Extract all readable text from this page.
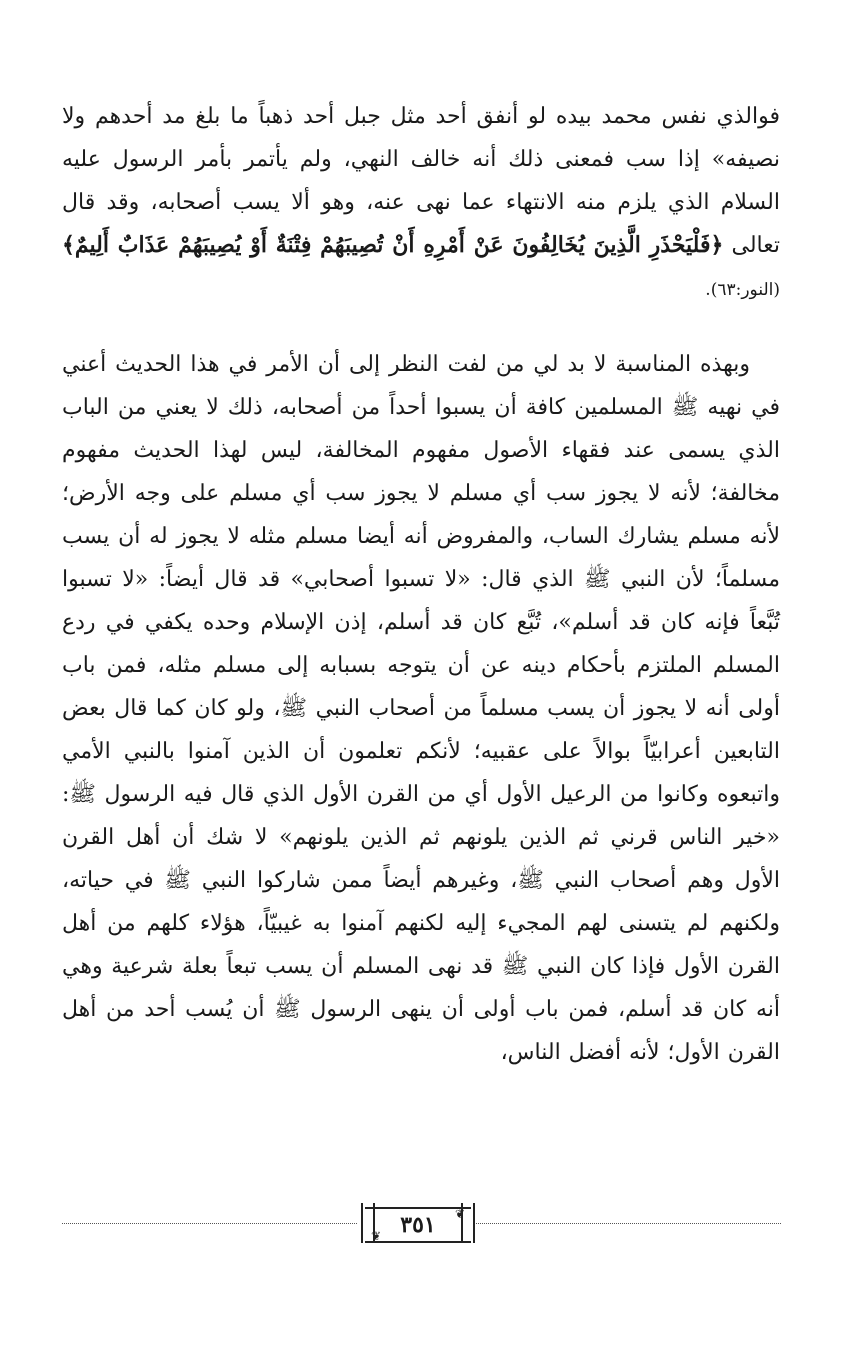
فوالذي نفس محمد بيده لو أنفق أحد مثل جبل أحد ذهباً ما بلغ مد أحدهم ولا نصيفه» إذا سب فمعنى ذلك أنه خالف النهي، ولم يأتمر بأمر الرسول عليه السلام الذي يلزم منه الانتهاء عما نهى عنه، وهو ألا يسب أصحابه، وقد قال تعالى ﴿فَلْيَحْذَرِ الَّذِينَ يُخَالِفُونَ عَنْ أَمْرِهِ أَنْ تُصِيبَهُمْ فِتْنَةٌ أَوْ يُصِيبَهُمْ عَذَابٌ أَلِيمٌ﴾ (النور:٦٣).

وبهذه المناسبة لا بد لي من لفت النظر إلى أن الأمر في هذا الحديث أعني في نهيه ﷺ المسلمين كافة أن يسبوا أحداً من أصحابه، ذلك لا يعني من الباب الذي يسمى عند فقهاء الأصول مفهوم المخالفة، ليس لهذا الحديث مفهوم مخالفة؛ لأنه لا يجوز سب أي مسلم لا يجوز سب أي مسلم على وجه الأرض؛ لأنه مسلم يشارك الساب، والمفروض أنه أيضا مسلم مثله لا يجوز له أن يسب مسلماً؛ لأن النبي ﷺ الذي قال: «لا تسبوا أصحابي» قد قال أيضاً: «لا تسبوا تُبَّعاً فإنه كان قد أسلم»، تُبَّع كان قد أسلم، إذن الإسلام وحده يكفي في ردع المسلم الملتزم بأحكام دينه عن أن يتوجه بسبابه إلى مسلم مثله، فمن باب أولى أنه لا يجوز أن يسب مسلماً من أصحاب النبي ﷺ، ولو كان كما قال بعض التابعين أعرابيّاً بوالاً على عقبيه؛ لأنكم تعلمون أن الذين آمنوا بالنبي الأمي واتبعوه وكانوا من الرعيل الأول أي من القرن الأول الذي قال فيه الرسول ﷺ: «خير الناس قرني ثم الذين يلونهم ثم الذين يلونهم» لا شك أن أهل القرن الأول وهم أصحاب النبي ﷺ، وغيرهم أيضاً ممن شاركوا النبي ﷺ في حياته، ولكنهم لم يتسنى لهم المجيء إليه لكنهم آمنوا به غيبيّاً، هؤلاء كلهم من أهل القرن الأول فإذا كان النبي ﷺ قد نهى المسلم أن يسب تبعاً بعلة شرعية وهي أنه كان قد أسلم، فمن باب أولى أن ينهى الرسول ﷺ أن يُسب أحد من أهل القرن الأول؛ لأنه أفضل الناس،

❦
٣٥١
❦
